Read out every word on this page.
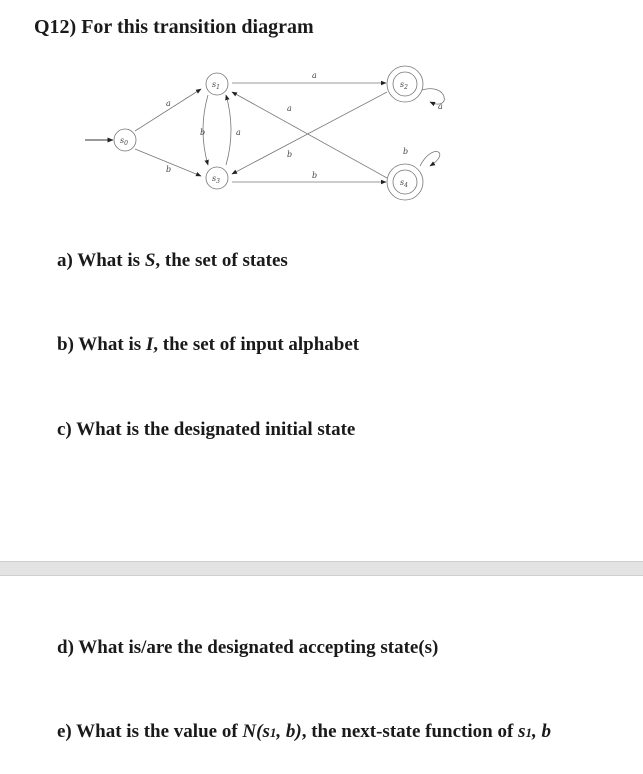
Q12) For this transition diagram
a
b
b	a
a
a
b
b
a
b
$s_0$
$s_1$	$s_2$
$s_3$	$s_4$
a) What is S, the set of states
b) What is I, the set of input alphabet
c) What is the designated initial state
d) What is/are the designated accepting state(s)
e) What is the value of N(s1, b), the next-state function of s1, b
